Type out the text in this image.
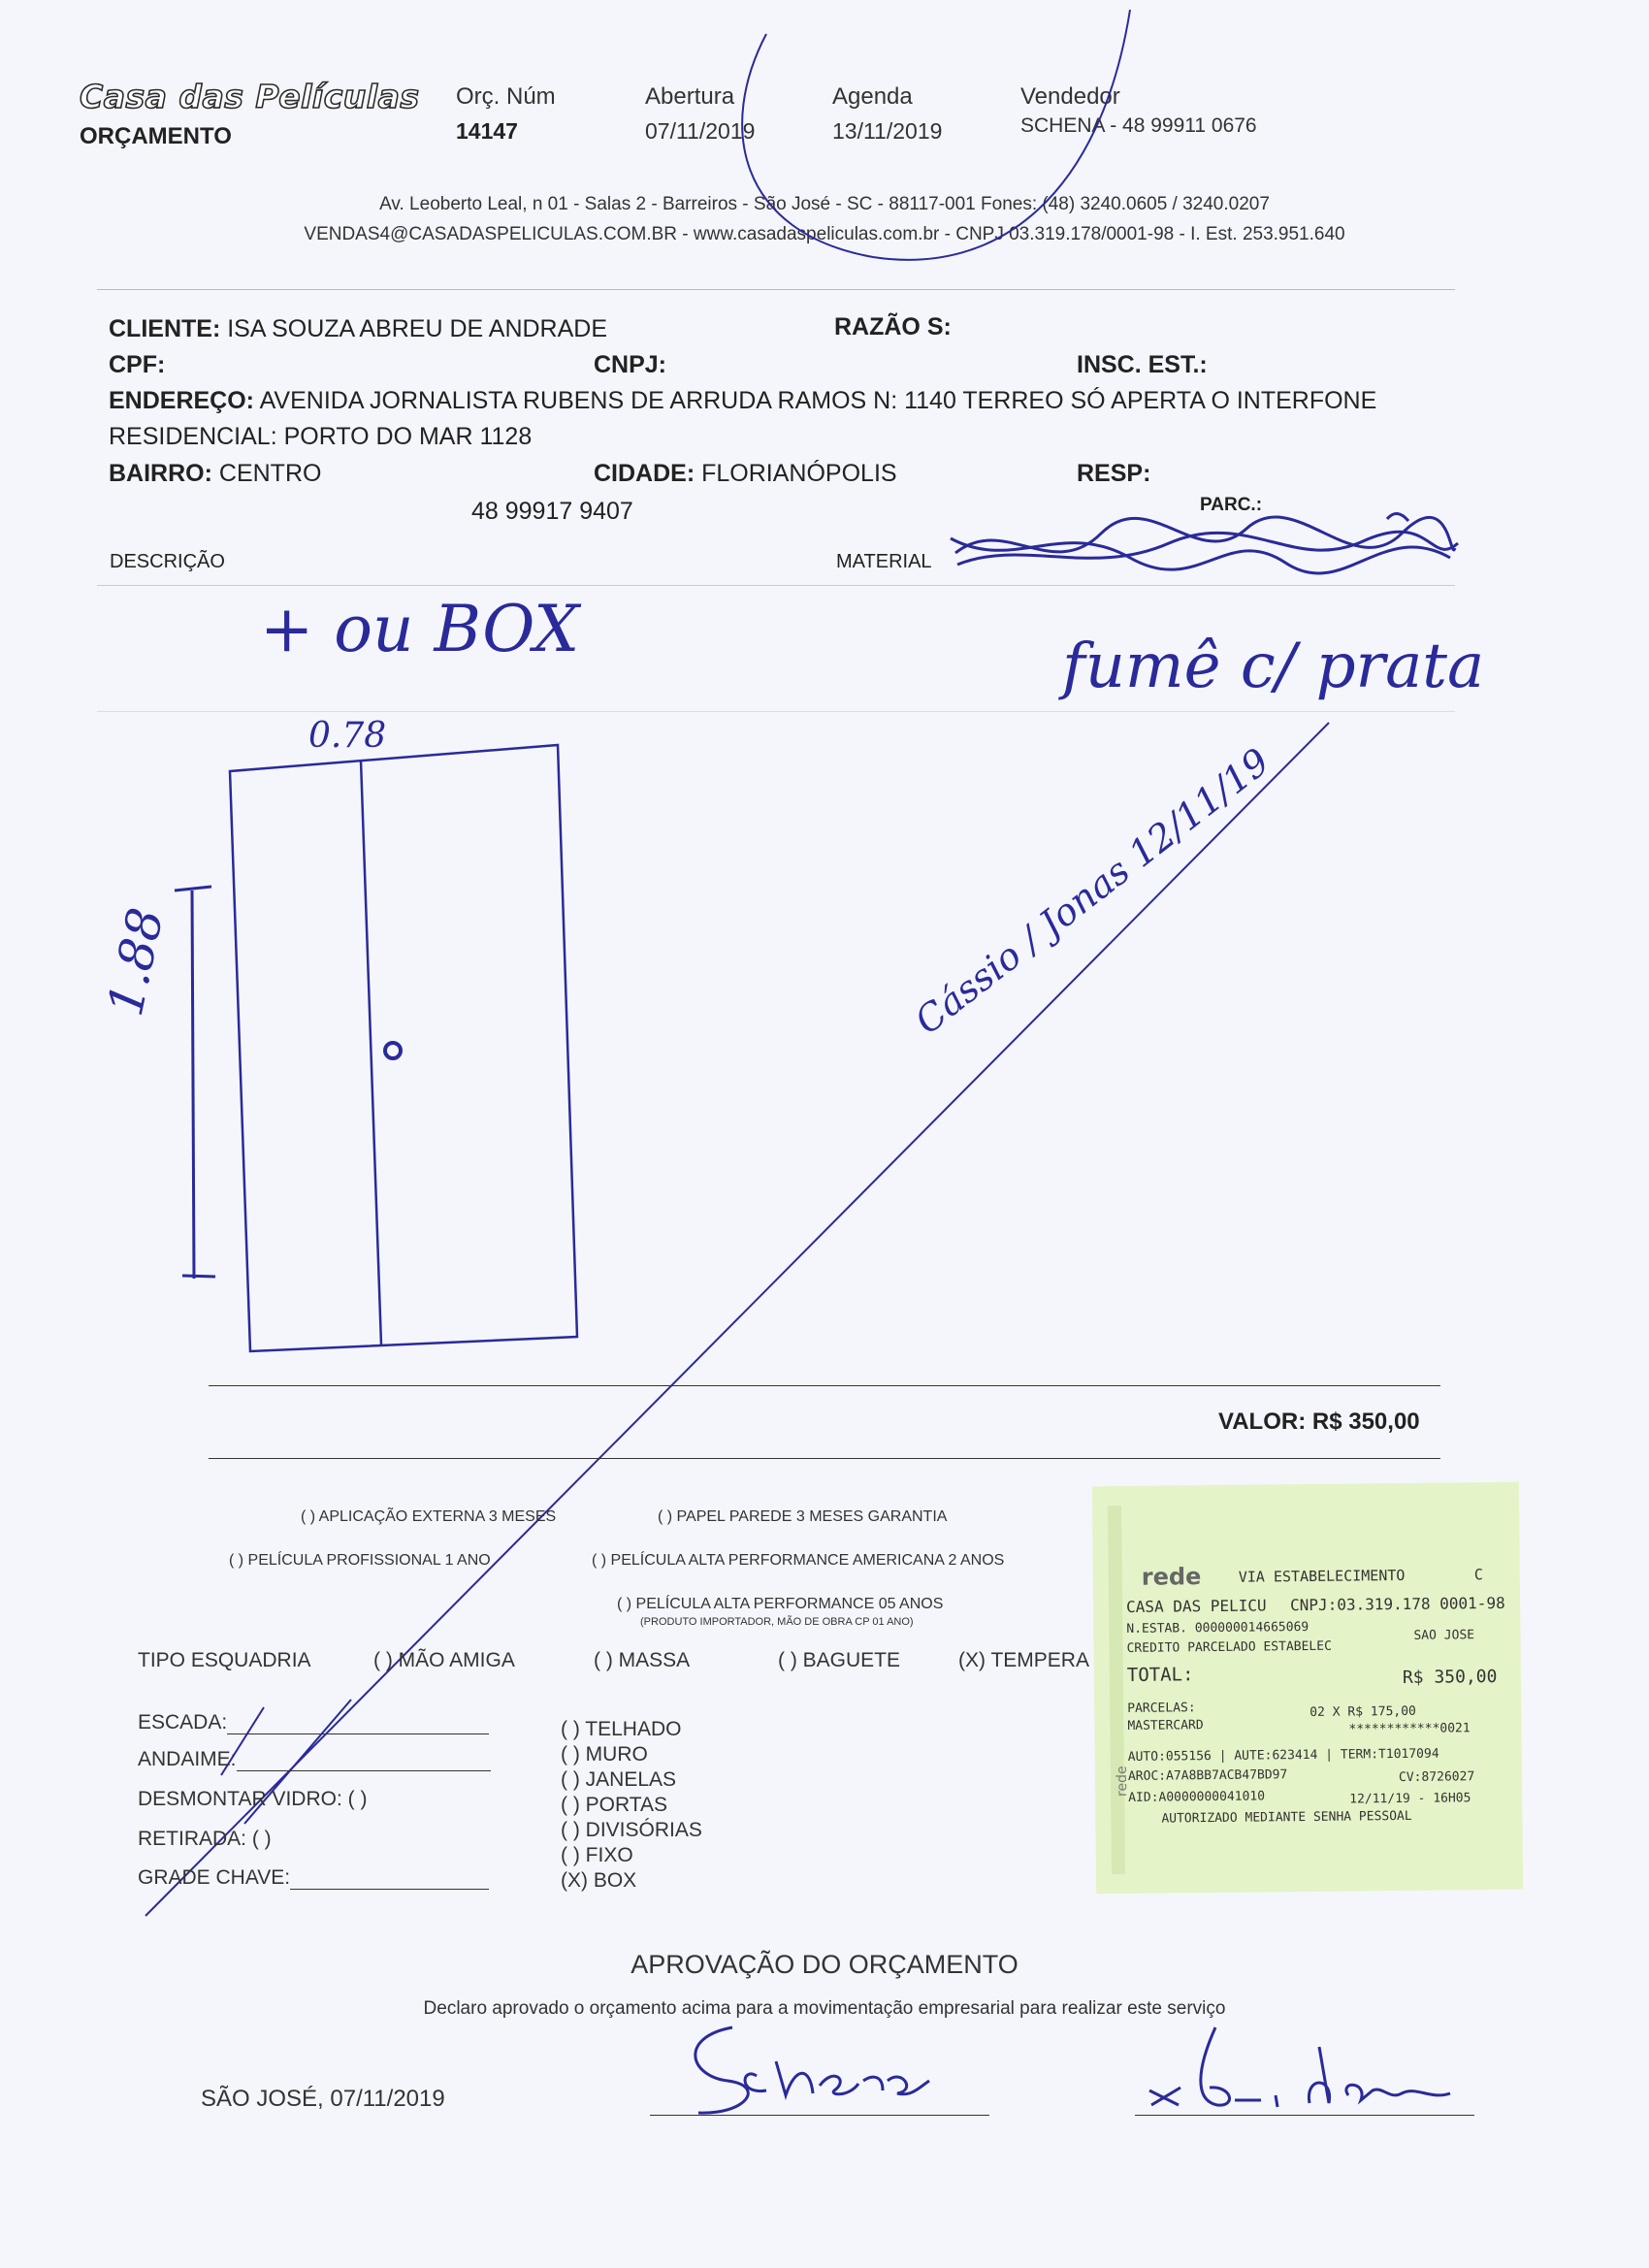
Casa das Películas
ORÇAMENTO
Orç. Núm
14147
Abertura
07/11/2019
Agenda
13/11/2019
Vendedor
SCHENA - 48 99911 0676
Av. Leoberto Leal, n 01 - Salas 2 - Barreiros - São José - SC - 88117-001 Fones: (48) 3240.0605 / 3240.0207
VENDAS4@CASADASPELICULAS.COM.BR - www.casadaspeliculas.com.br - CNPJ 03.319.178/0001-98 - I. Est. 253.951.640
CLIENTE: ISA SOUZA ABREU DE ANDRADE	RAZÃO S:
CPF:	CNPJ:	INSC. EST.:
ENDEREÇO: AVENIDA JORNALISTA RUBENS DE ARRUDA RAMOS N: 1140 TERREO SÓ APERTA O INTERFONE
RESIDENCIAL: PORTO DO MAR 1128
BAIRRO: CENTRO	CIDADE: FLORIANÓPOLIS	RESP:
48 99917 9407	PARC.:
DESCRIÇÃO	MATERIAL
+ ou BOX	fumê c/ prata
0.78
1.88	Cássio / Jonas 12/11/19
VALOR: R$ 350,00
( ) APLICAÇÃO EXTERNA 3 MESES	( ) PAPEL PAREDE 3 MESES GARANTIA
( ) PELÍCULA PROFISSIONAL 1 ANO	( ) PELÍCULA ALTA PERFORMANCE AMERICANA 2 ANOS
( ) PELÍCULA ALTA PERFORMANCE 05 ANOS
(PRODUTO IMPORTADOR, MÃO DE OBRA CP 01 ANO)
TIPO ESQUADRIA	( ) MÃO AMIGA	( ) MASSA	( ) BAGUETE	(X) TEMPERA
ESCADA:
ANDAIME:
DESMONTAR VIDRO: ( )
RETIRADA: ( )
GRADE CHAVE:
( ) TELHADO
( ) MURO
( ) JANELAS
( ) PORTAS
( ) DIVISÓRIAS
( ) FIXO
(X) BOX
rede
rede	VIA ESTABELECIMENTO	C
CASA DAS PELICU CNPJ:03.319.178 0001-98
N.ESTAB. 000000014665069	SAO JOSE
CREDITO PARCELADO ESTABELEC
TOTAL:	R$ 350,00
PARCELAS:	02 X R$ 175,00
MASTERCARD	************0021
AUTO:055156 | AUTE:623414 | TERM:T1017094
AROC:A7A8BB7ACB47BD97	CV:8726027
AID:A0000000041010	12/11/19 - 16H05
AUTORIZADO MEDIANTE SENHA PESSOAL
APROVAÇÃO DO ORÇAMENTO
Declaro aprovado o orçamento acima para a movimentação empresarial para realizar este serviço
SÃO JOSÉ, 07/11/2019
